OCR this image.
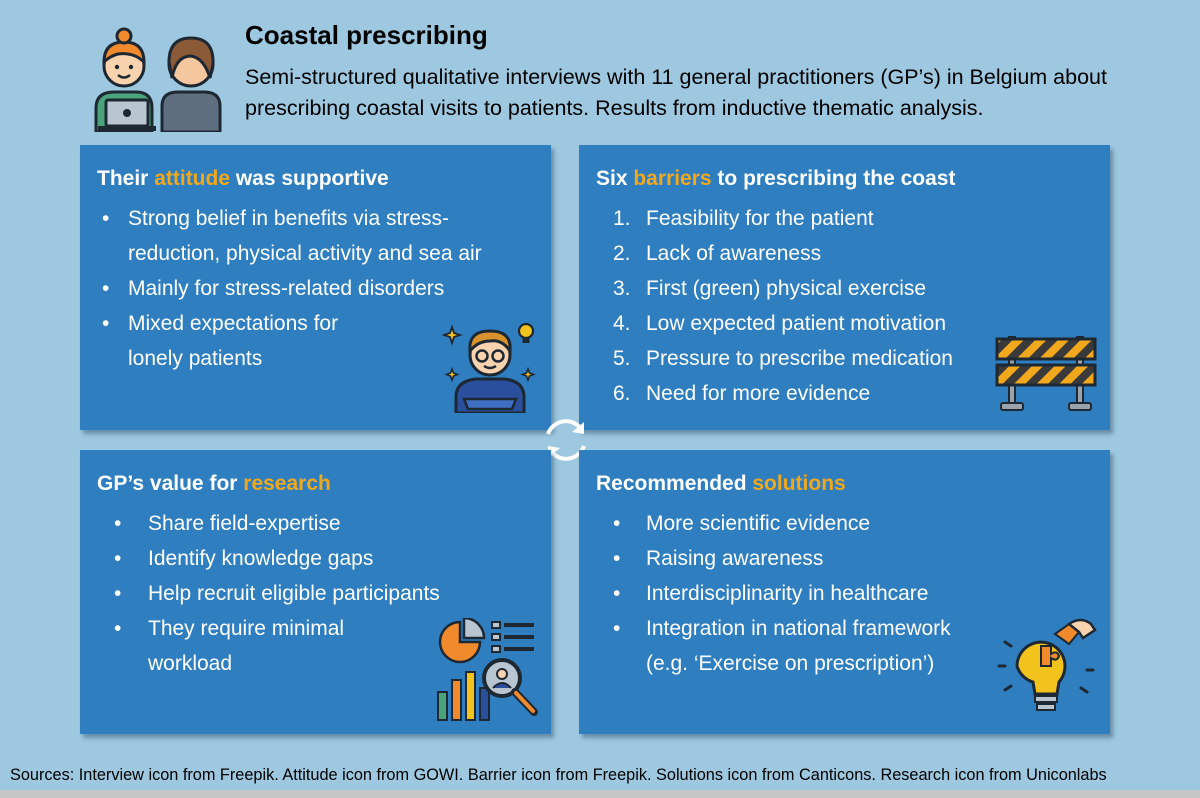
Coastal prescribing
Semi-structured qualitative interviews with 11 general practitioners (GP’s) in Belgium about prescribing coastal visits to patients. Results from inductive thematic analysis.
Their attitude was supportive
• Strong belief in benefits via stress-
reduction, physical activity and sea air
• Mainly for stress-related disorders
• Mixed expectations for
lonely patients
Six barriers to prescribing the coast
1. Feasibility for the patient
2. Lack of awareness
3. First (green) physical exercise
4. Low expected patient motivation
5. Pressure to prescribe medication
6. Need for more evidence
GP’s value for research
• Share field-expertise
• Identify knowledge gaps
• Help recruit eligible participants
• They require minimal
workload
Recommended solutions
• More scientific evidence
• Raising awareness
• Interdisciplinarity in healthcare
• Integration in national framework
(e.g. ‘Exercise on prescription’)
Sources: Interview icon from Freepik. Attitude icon from GOWI. Barrier icon from Freepik. Solutions icon from Canticons. Research icon from Uniconlabs
